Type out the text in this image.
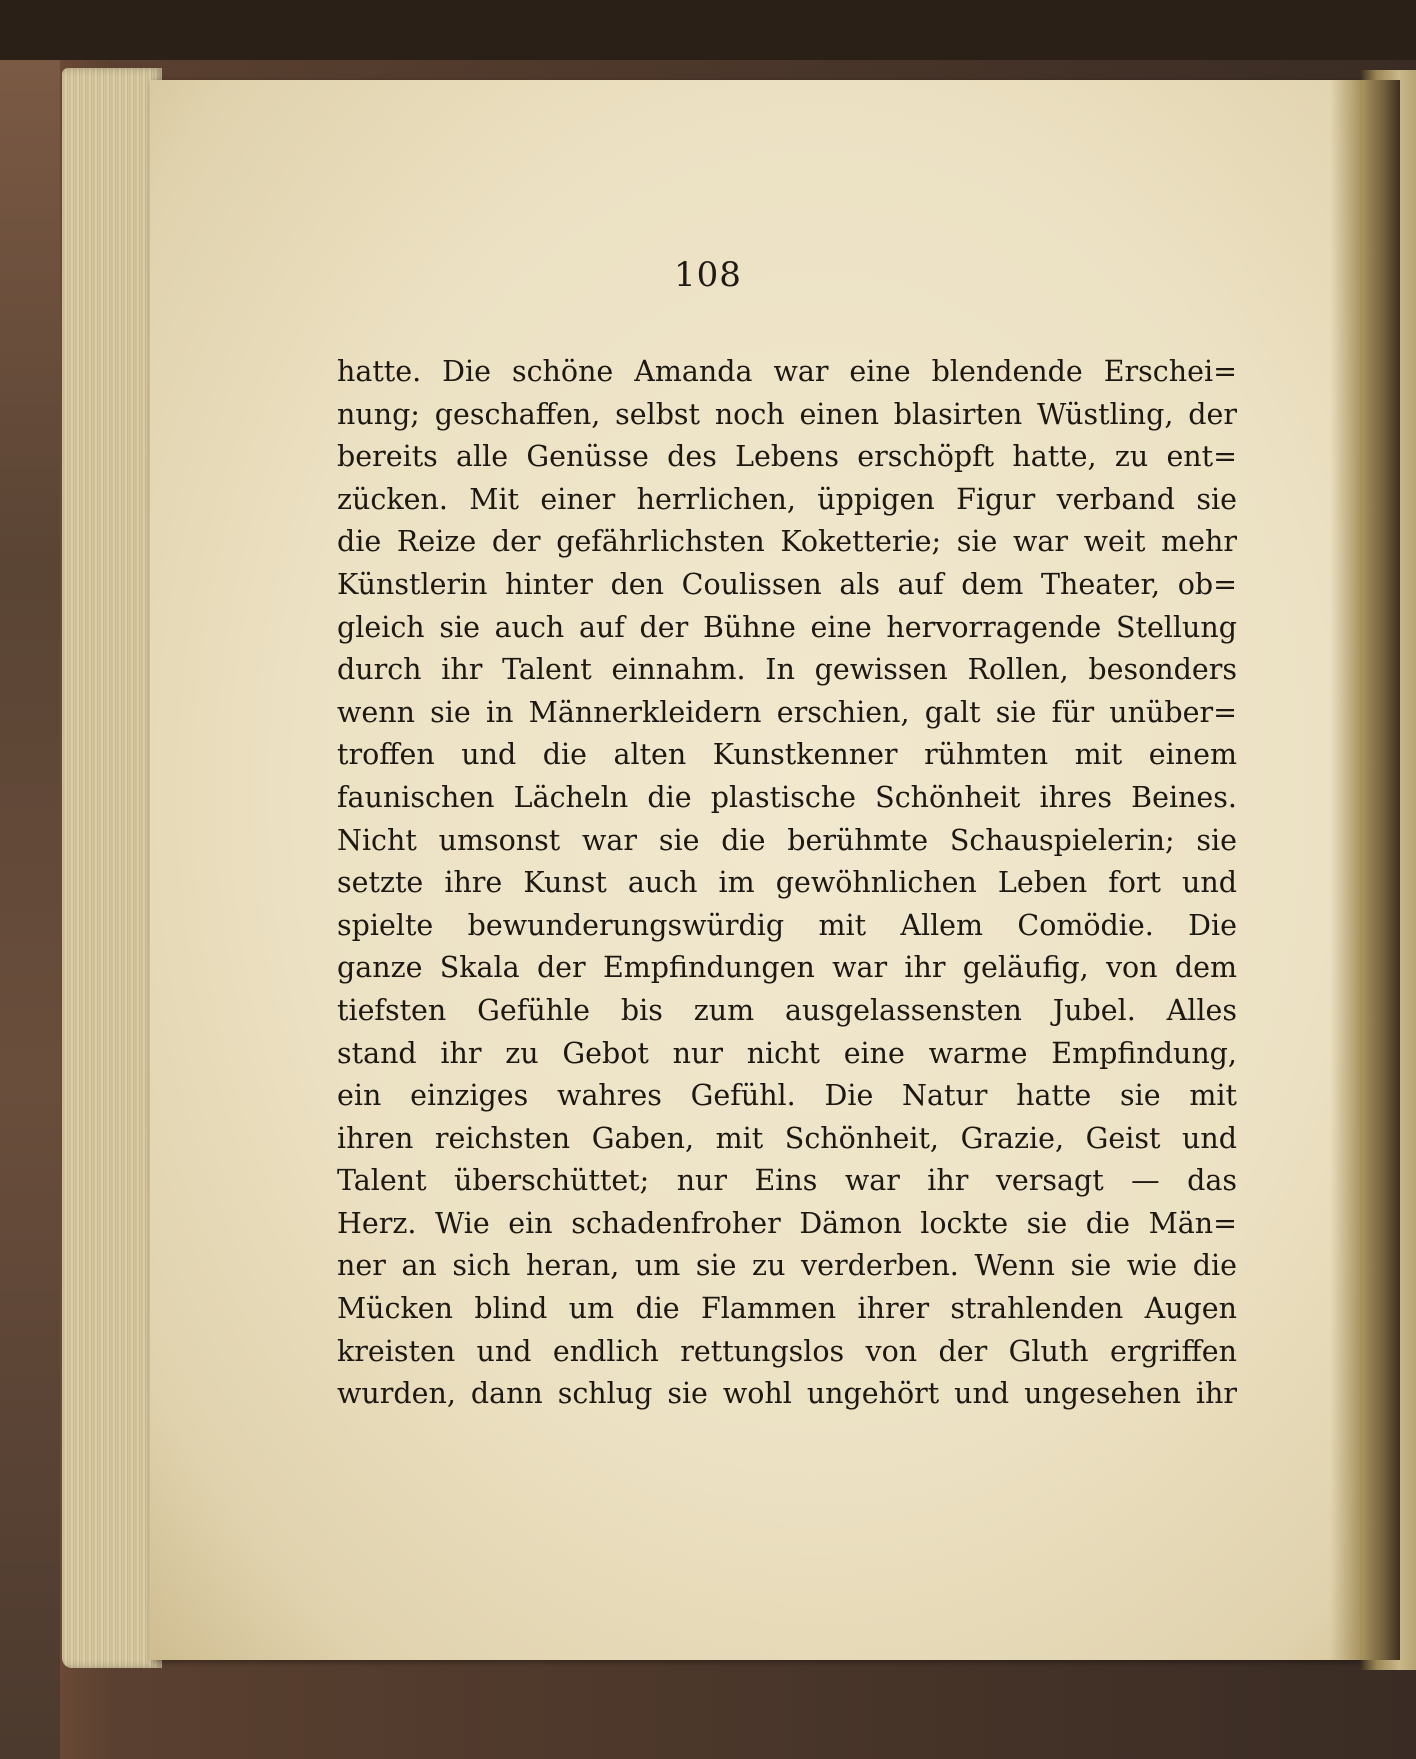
108
hatte. Die schöne Amanda war eine blendende Erschei=
nung; geschaffen, selbst noch einen blasirten Wüstling, der
bereits alle Genüsse des Lebens erschöpft hatte, zu ent=
zücken. Mit einer herrlichen, üppigen Figur verband sie
die Reize der gefährlichsten Koketterie; sie war weit mehr
Künstlerin hinter den Coulissen als auf dem Theater, ob=
gleich sie auch auf der Bühne eine hervorragende Stellung
durch ihr Talent einnahm. In gewissen Rollen, besonders
wenn sie in Männerkleidern erschien, galt sie für unüber=
troffen und die alten Kunstkenner rühmten mit einem
faunischen Lächeln die plastische Schönheit ihres Beines.
Nicht umsonst war sie die berühmte Schauspielerin; sie
setzte ihre Kunst auch im gewöhnlichen Leben fort und
spielte bewunderungswürdig mit Allem Comödie. Die
ganze Skala der Empfindungen war ihr geläufig, von dem
tiefsten Gefühle bis zum ausgelassensten Jubel. Alles
stand ihr zu Gebot nur nicht eine warme Empfindung,
ein einziges wahres Gefühl. Die Natur hatte sie mit
ihren reichsten Gaben, mit Schönheit, Grazie, Geist und
Talent überschüttet; nur Eins war ihr versagt — das
Herz. Wie ein schadenfroher Dämon lockte sie die Män=
ner an sich heran, um sie zu verderben. Wenn sie wie die
Mücken blind um die Flammen ihrer strahlenden Augen
kreisten und endlich rettungslos von der Gluth ergriffen
wurden, dann schlug sie wohl ungehört und ungesehen ihr
